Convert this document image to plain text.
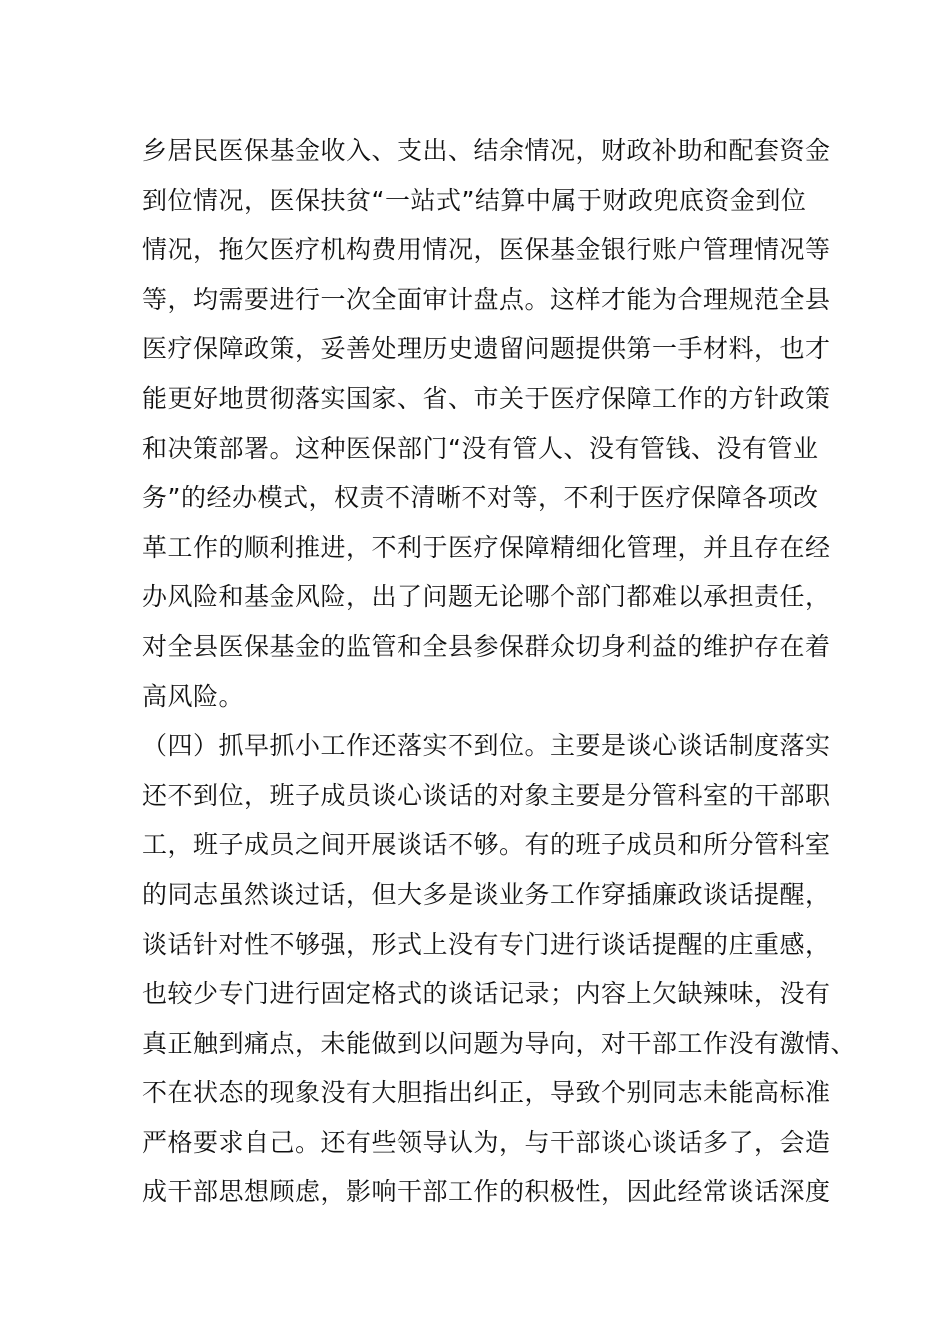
乡居民医保基金收入、支出、结余情况，财政补助和配套资金
到位情况，医保扶贫“一站式”结算中属于财政兜底资金到位
情况，拖欠医疗机构费用情况，医保基金银行账户管理情况等
等，均需要进行一次全面审计盘点。这样才能为合理规范全县
医疗保障政策，妥善处理历史遗留问题提供第一手材料，也才
能更好地贯彻落实国家、省、市关于医疗保障工作的方针政策
和决策部署。这种医保部门“没有管人、没有管钱、没有管业
务”的经办模式，权责不清晰不对等，不利于医疗保障各项改
革工作的顺利推进，不利于医疗保障精细化管理，并且存在经
办风险和基金风险，出了问题无论哪个部门都难以承担责任，
对全县医保基金的监管和全县参保群众切身利益的维护存在着
高风险。
（四）抓早抓小工作还落实不到位。主要是谈心谈话制度落实
还不到位，班子成员谈心谈话的对象主要是分管科室的干部职
工，班子成员之间开展谈话不够。有的班子成员和所分管科室
的同志虽然谈过话，但大多是谈业务工作穿插廉政谈话提醒，
谈话针对性不够强，形式上没有专门进行谈话提醒的庄重感，
也较少专门进行固定格式的谈话记录；内容上欠缺辣味，没有
真正触到痛点，未能做到以问题为导向，对干部工作没有激情、
不在状态的现象没有大胆指出纠正，导致个别同志未能高标准
严格要求自己。还有些领导认为，与干部谈心谈话多了，会造
成干部思想顾虑，影响干部工作的积极性，因此经常谈话深度
